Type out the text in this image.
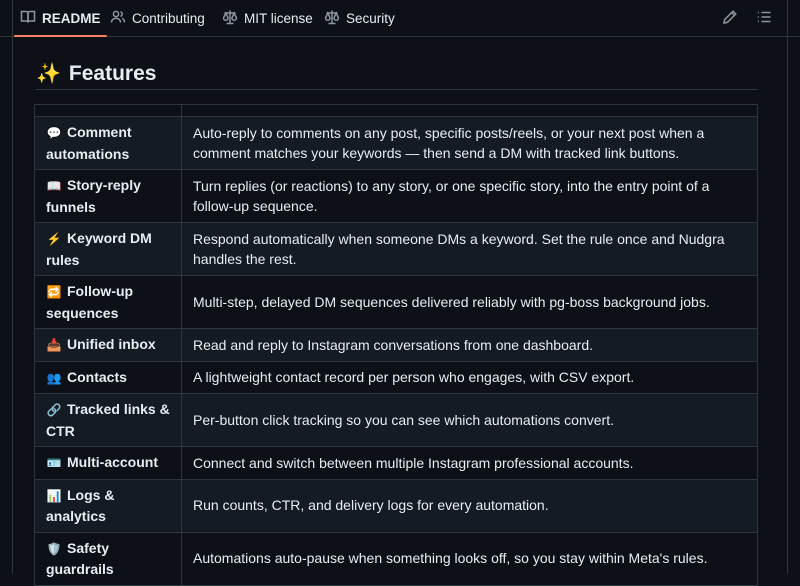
README Contributing	MIT license Security
✨ Features

💬 Comment automations	Auto-reply to comments on any post, specific posts/reels, or your next post when a comment matches your keywords — then send a DM with tracked link buttons.
📖 Story-reply funnels	Turn replies (or reactions) to any story, or one specific story, into the entry point of a follow-up sequence.
⚡ Keyword DM rules	Respond automatically when someone DMs a keyword. Set the rule once and Nudgra handles the rest.
🔁 Follow-up sequences	Multi-step, delayed DM sequences delivered reliably with pg-boss background jobs.
📥 Unified inbox	Read and reply to Instagram conversations from one dashboard.
👥 Contacts	A lightweight contact record per person who engages, with CSV export.
🔗 Tracked links & CTR	Per-button click tracking so you can see which automations convert.
🪪 Multi-account	Connect and switch between multiple Instagram professional accounts.
📊 Logs & analytics	Run counts, CTR, and delivery logs for every automation.
🛡️ Safety guardrails	Automations auto-pause when something looks off, so you stay within Meta's rules.
